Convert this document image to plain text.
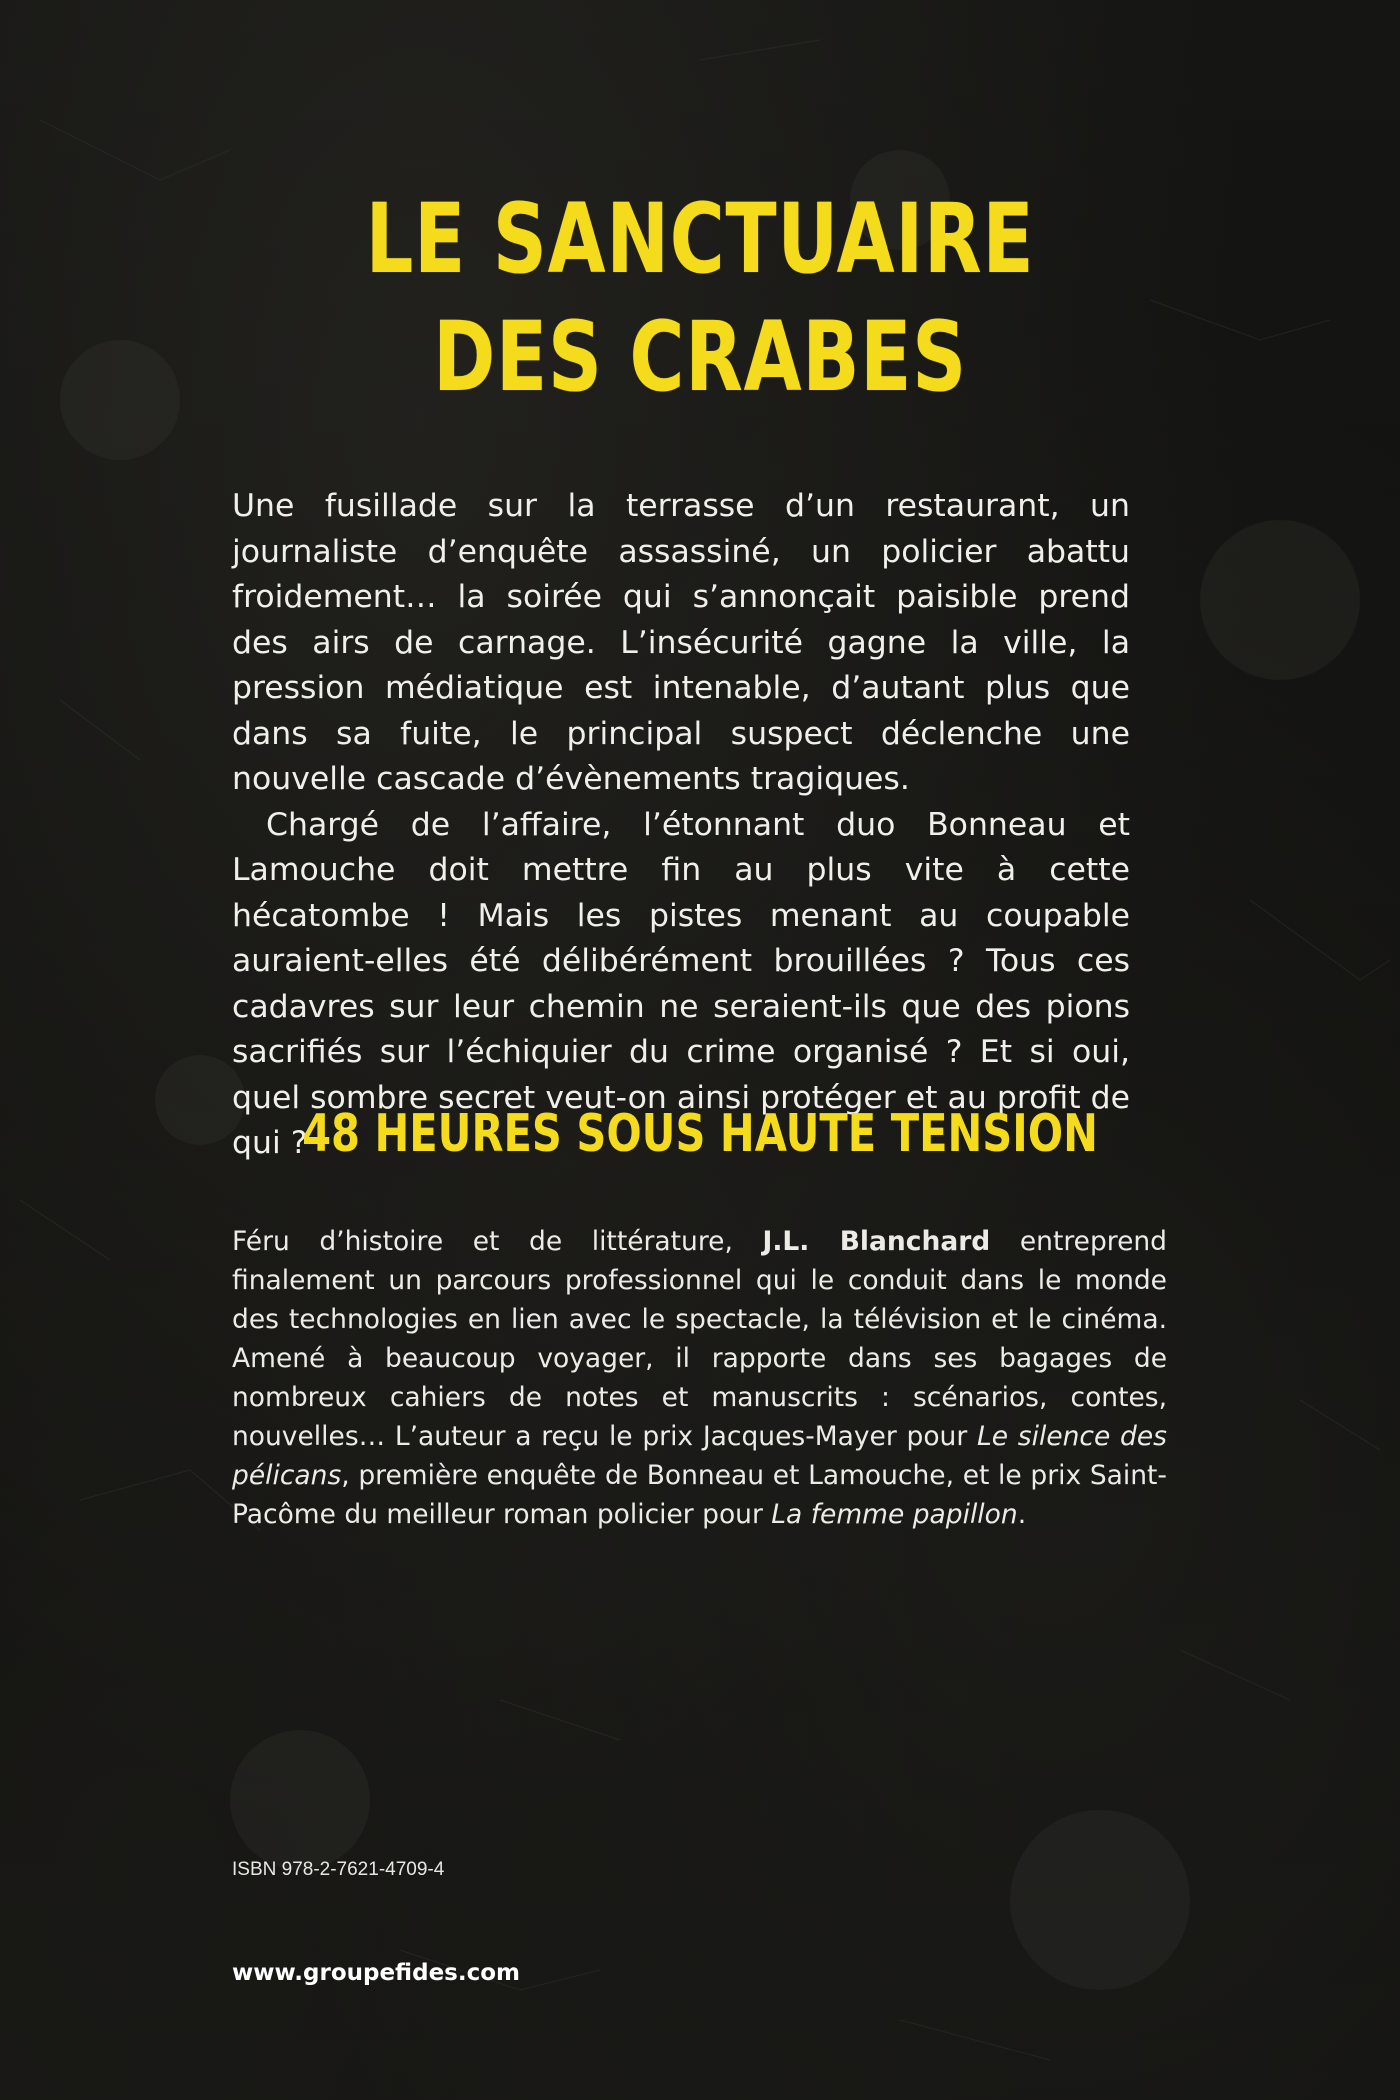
LE SANCTUAIRE
DES CRABES

Une fusillade sur la terrasse d’un restaurant, un journaliste d’enquête assassiné, un policier abattu froidement… la soirée qui s’annonçait paisible prend des airs de carnage. L’insécurité gagne la ville, la pression médiatique est intenable, d’autant plus que dans sa fuite, le principal suspect déclenche une nouvelle cascade d’évènements tragiques.

Chargé de l’affaire, l’étonnant duo Bonneau et Lamouche doit mettre fin au plus vite à cette hécatombe ! Mais les pistes menant au coupable auraient-elles été délibérément brouillées ? Tous ces cadavres sur leur chemin ne seraient-ils que des pions sacrifiés sur l’échiquier du crime organisé ? Et si oui, quel sombre secret veut-on ainsi protéger et au profit de qui ?

48 HEURES SOUS HAUTE TENSION

Féru d’histoire et de littérature, J.L. Blanchard entreprend finalement un parcours professionnel qui le conduit dans le monde des technologies en lien avec le spectacle, la télévision et le cinéma. Amené à beaucoup voyager, il rapporte dans ses bagages de nombreux cahiers de notes et manuscrits : scénarios, contes, nouvelles… L’auteur a reçu le prix Jacques-Mayer pour Le silence des pélicans, première enquête de Bonneau et Lamouche, et le prix Saint-Pacôme du meilleur roman policier pour La femme papillon.

ISBN 978-2-7621-4709-4
www.groupefides.com
